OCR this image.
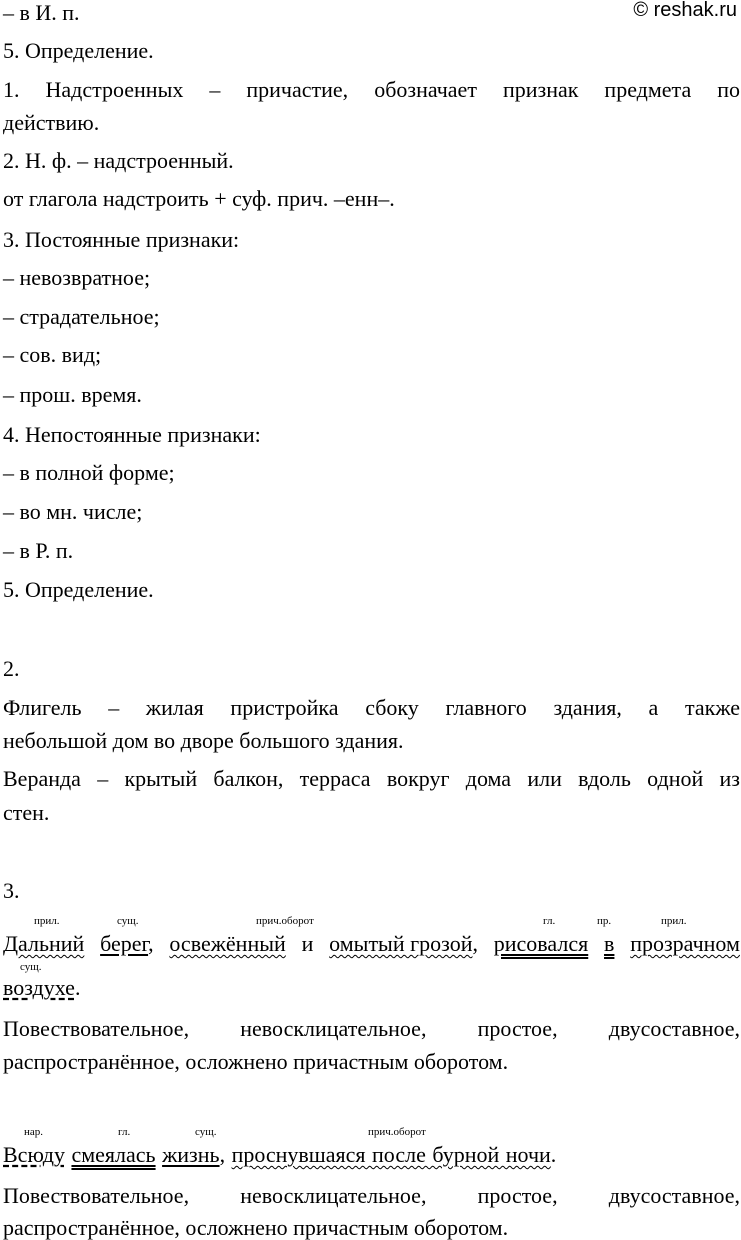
© reshak.ru
– в И. п.
5. Определение.
1. Надстроенных – причастие, обозначает признак предмета по
действию.
2. Н. ф. – надстроенный.
от глагола надстроить + суф. прич. –енн–.
3. Постоянные признаки:
– невозвратное;
– страдательное;
– сов. вид;
– прош. время.
4. Непостоянные признаки:
– в полной форме;
– во мн. числе;
– в Р. п.
5. Определение.
2.
Флигель – жилая пристройка сбоку главного здания, а также
небольшой дом во дворе большого здания.
Веранда – крытый балкон, терраса вокруг дома или вдоль одной из
стен.
3.
прил.	сущ.	прич.оборот	гл.	пр.	прил.
Дальний берег, освежённый и омытый грозой, рисовался в прозрачном
сущ.
воздухе.
Повествовательное, невосклицательное, простое, двусоставное,
распространённое, осложнено причастным оборотом.
нар.	гл.	сущ.	прич.оборот
Всюду смеялась жизнь, проснувшаяся после бурной ночи.
Повествовательное, невосклицательное, простое, двусоставное,
распространённое, осложнено причастным оборотом.
